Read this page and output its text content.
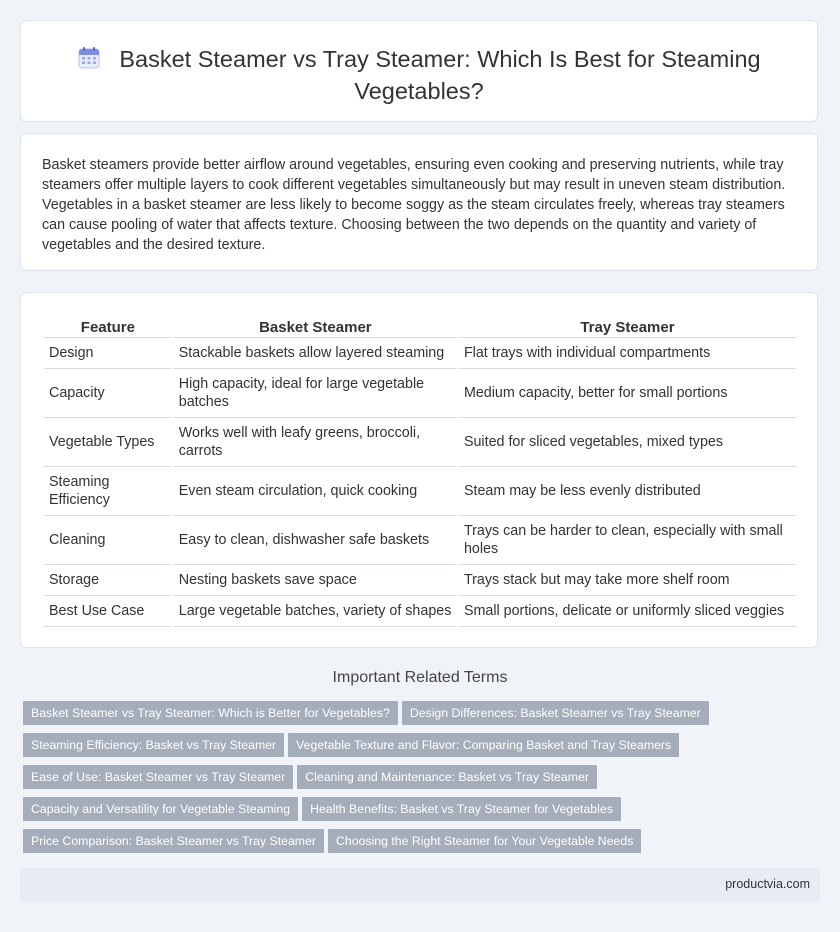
Basket Steamer vs Tray Steamer: Which Is Best for Steaming Vegetables?

Basket steamers provide better airflow around vegetables, ensuring even cooking and preserving nutrients, while tray steamers offer multiple layers to cook different vegetables simultaneously but may result in uneven steam distribution. Vegetables in a basket steamer are less likely to become soggy as the steam circulates freely, whereas tray steamers can cause pooling of water that affects texture. Choosing between the two depends on the quantity and variety of vegetables and the desired texture.

Feature	Basket Steamer	Tray Steamer
Design	Stackable baskets allow layered steaming	Flat trays with individual compartments
Capacity	High capacity, ideal for large vegetable batches	Medium capacity, better for small portions
Vegetable Types	Works well with leafy greens, broccoli, carrots	Suited for sliced vegetables, mixed types
Steaming Efficiency	Even steam circulation, quick cooking	Steam may be less evenly distributed
Cleaning	Easy to clean, dishwasher safe baskets	Trays can be harder to clean, especially with small holes
Storage	Nesting baskets save space	Trays stack but may take more shelf room
Best Use Case	Large vegetable batches, variety of shapes	Small portions, delicate or uniformly sliced veggies
Important Related Terms
Basket Steamer vs Tray Steamer: Which is Better for Vegetables? Design Differences: Basket Steamer vs Tray Steamer
Steaming Efficiency: Basket vs Tray Steamer Vegetable Texture and Flavor: Comparing Basket and Tray Steamers
Ease of Use: Basket Steamer vs Tray Steamer Cleaning and Maintenance: Basket vs Tray Steamer
Capacity and Versatility for Vegetable Steaming Health Benefits: Basket vs Tray Steamer for Vegetables
Price Comparison: Basket Steamer vs Tray Steamer Choosing the Right Steamer for Your Vegetable Needs
productvia.com
